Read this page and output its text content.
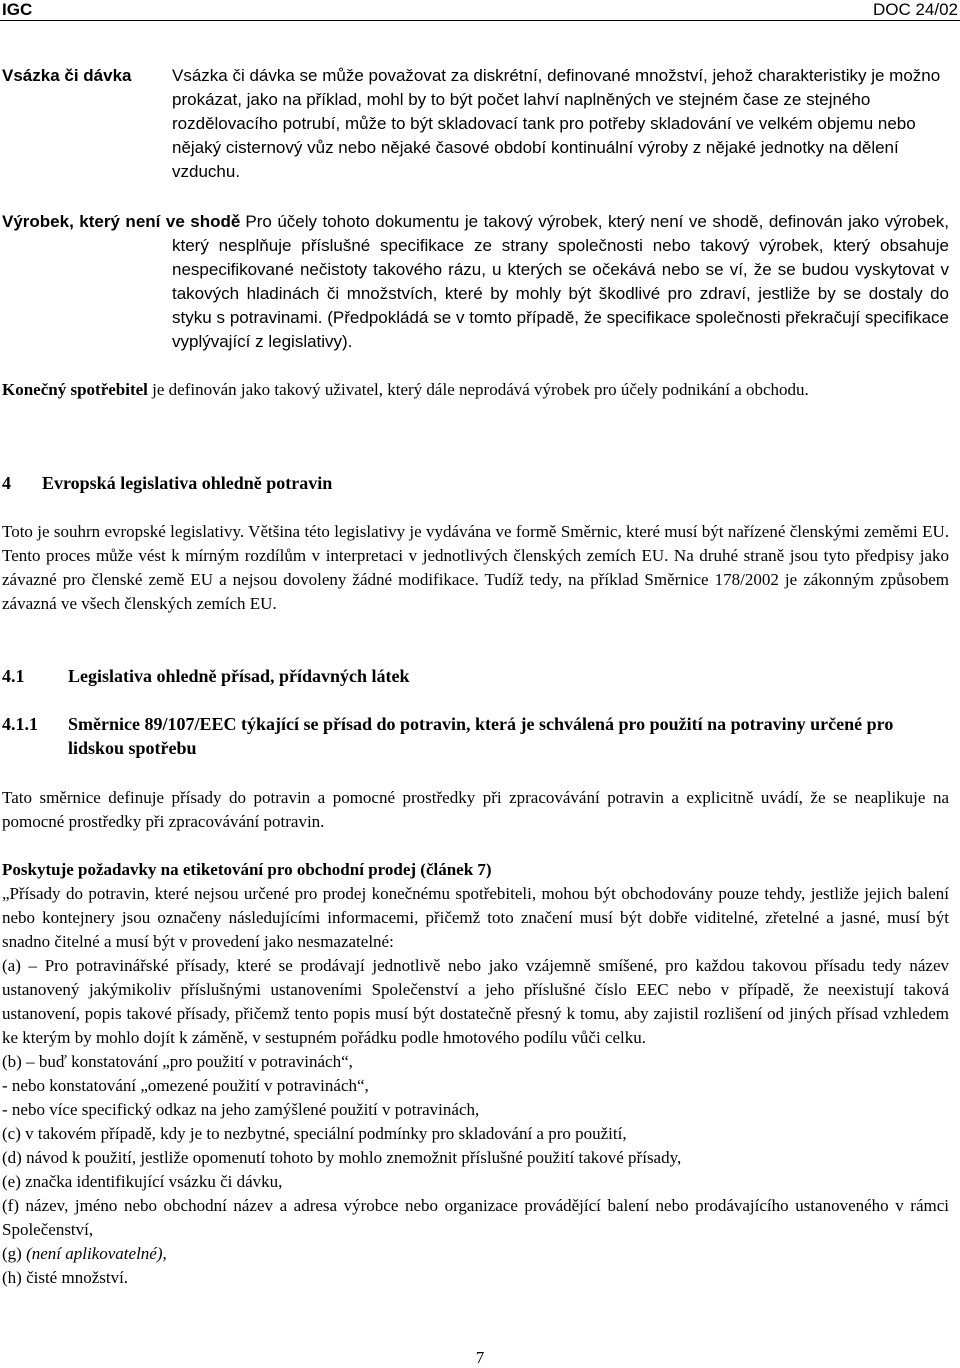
IGC	DOC 24/02
Vsázka či dávka Vsázka či dávka se může považovat za diskrétní, definované množství, jehož charakteristiky je možno prokázat, jako na příklad, mohl by to být počet lahví naplněných ve stejném čase ze stejného rozdělovacího potrubí, může to být skladovací tank pro potřeby skladování ve velkém objemu nebo nějaký cisternový vůz nebo nějaké časové období kontinuální výroby z nějaké jednotky na dělení vzduchu.
Výrobek, který není ve shodě Pro účely tohoto dokumentu je takový výrobek, který není ve shodě, definován jako výrobek, který nesplňuje příslušné specifikace ze strany společnosti nebo takový výrobek, který obsahuje nespecifikované nečistoty takového rázu, u kterých se očekává nebo se ví, že se budou vyskytovat v takových hladinách či množstvích, které by mohly být škodlivé pro zdraví, jestliže by se dostaly do styku s potravinami. (Předpokládá se v tomto případě, že specifikace společnosti překračují specifikace vyplývající z legislativy).
Konečný spotřebitel je definován jako takový uživatel, který dále neprodává výrobek pro účely podnikání a obchodu.
4 Evropská legislativa ohledně potravin
Toto je souhrn evropské legislativy. Většina této legislativy je vydávána ve formě Směrnic, které musí být nařízené členskými zeměmi EU. Tento proces může vést k mírným rozdílům v interpretaci v jednotlivých členských zemích EU. Na druhé straně jsou tyto předpisy jako závazné pro členské země EU a nejsou dovoleny žádné modifikace. Tudíž tedy, na příklad Směrnice 178/2002 je zákonným způsobem závazná ve všech členských zemích EU.
4.1 Legislativa ohledně přísad, přídavných látek
4.1.1 Směrnice 89/107/EEC týkající se přísad do potravin, která je schválená pro použití na potraviny určené pro lidskou spotřebu
Tato směrnice definuje přísady do potravin a pomocné prostředky při zpracovávání potravin a explicitně uvádí, že se neaplikuje na pomocné prostředky při zpracovávání potravin.
Poskytuje požadavky na etiketování pro obchodní prodej (článek 7)
„Přísady do potravin, které nejsou určené pro prodej konečnému spotřebiteli, mohou být obchodovány pouze tehdy, jestliže jejich balení nebo kontejnery jsou označeny následujícími informacemi, přičemž toto značení musí být dobře viditelné, zřetelné a jasné, musí být snadno čitelné a musí být v provedení jako nesmazatelné:
(a) – Pro potravinářské přísady, které se prodávají jednotlivě nebo jako vzájemně smíšené, pro každou takovou přísadu tedy název ustanovený jakýmikoliv příslušnými ustanoveními Společenství a jeho příslušné číslo EEC nebo v případě, že neexistují taková ustanovení, popis takové přísady, přičemž tento popis musí být dostatečně přesný k tomu, aby zajistil rozlišení od jiných přísad vzhledem ke kterým by mohlo dojít k záměně, v sestupném pořádku podle hmotového podílu vůči celku.
(b) – buď konstatování „pro použití v potravinách“,
- nebo konstatování „omezené použití v potravinách“,
- nebo více specifický odkaz na jeho zamýšlené použití v potravinách,
(c) v takovém případě, kdy je to nezbytné, speciální podmínky pro skladování a pro použití,
(d) návod k použití, jestliže opomenutí tohoto by mohlo znemožnit příslušné použití takové přísady,
(e) značka identifikující vsázku či dávku,
(f) název, jméno nebo obchodní název a adresa výrobce nebo organizace provádějící balení nebo prodávajícího ustanoveného v rámci Společenství,
(g) (není aplikovatelné),
(h) čisté množství.
7
